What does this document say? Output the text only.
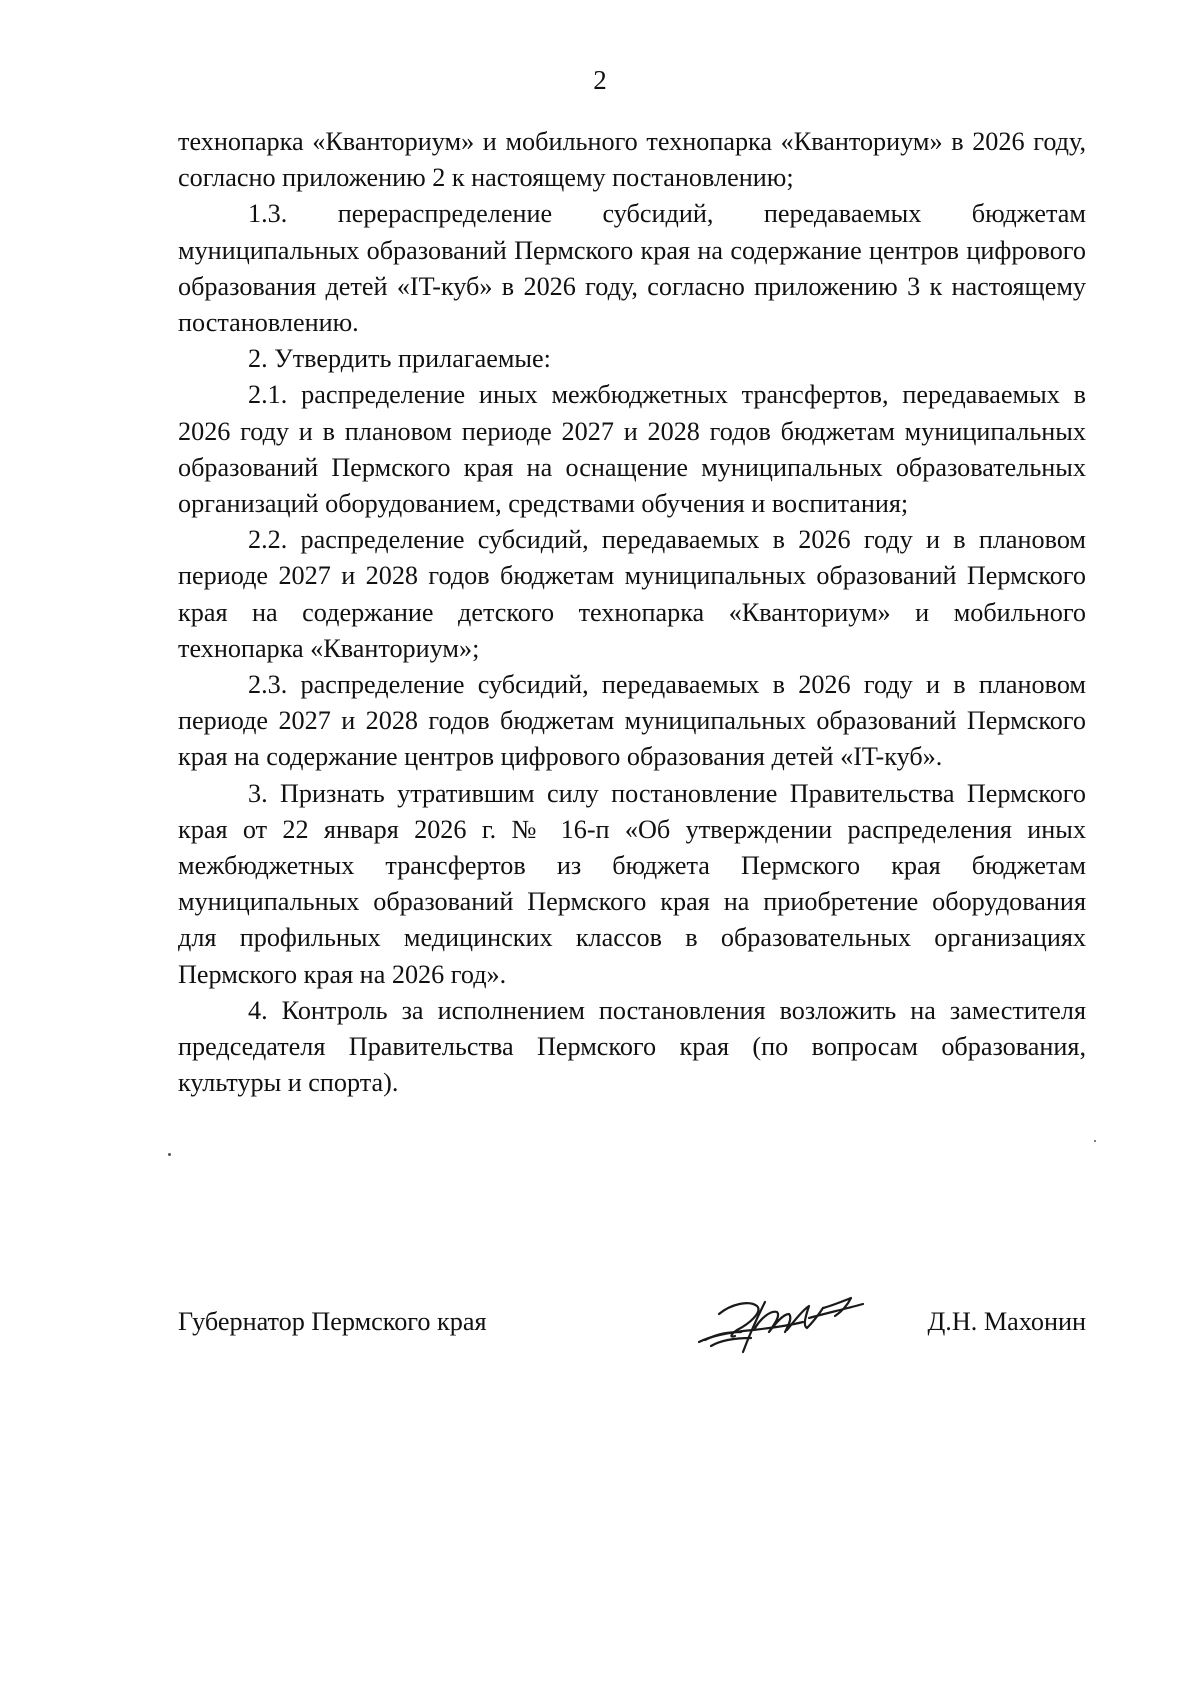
2

технопарка «Кванториум» и мобильного технопарка «Кванториум» в 2026 году, согласно приложению 2 к настоящему постановлению;

1.3. перераспределение субсидий, передаваемых бюджетам муниципальных образований Пермского края на содержание центров цифрового образования детей «IT-куб» в 2026 году, согласно приложению 3 к настоящему постановлению.

2. Утвердить прилагаемые:

2.1. распределение иных межбюджетных трансфертов, передаваемых в 2026 году и в плановом периоде 2027 и 2028 годов бюджетам муниципальных образований Пермского края на оснащение муниципальных образовательных организаций оборудованием, средствами обучения и воспитания;

2.2. распределение субсидий, передаваемых в 2026 году и в плановом периоде 2027 и 2028 годов бюджетам муниципальных образований Пермского края на содержание детского технопарка «Кванториум» и мобильного технопарка «Кванториум»;

2.3. распределение субсидий, передаваемых в 2026 году и в плановом периоде 2027 и 2028 годов бюджетам муниципальных образований Пермского края на содержание центров цифрового образования детей «IT-куб».

3. Признать утратившим силу постановление Правительства Пермского края от 22 января 2026 г. № 16-п «Об утверждении распределения иных межбюджетных трансфертов из бюджета Пермского края бюджетам муниципальных образований Пермского края на приобретение оборудования для профильных медицинских классов в образовательных организациях Пермского края на 2026 год».

4. Контроль за исполнением постановления возложить на заместителя председателя Правительства Пермского края (по вопросам образования, культуры и спорта).

Губернатор Пермского края	Д.Н. Махонин
